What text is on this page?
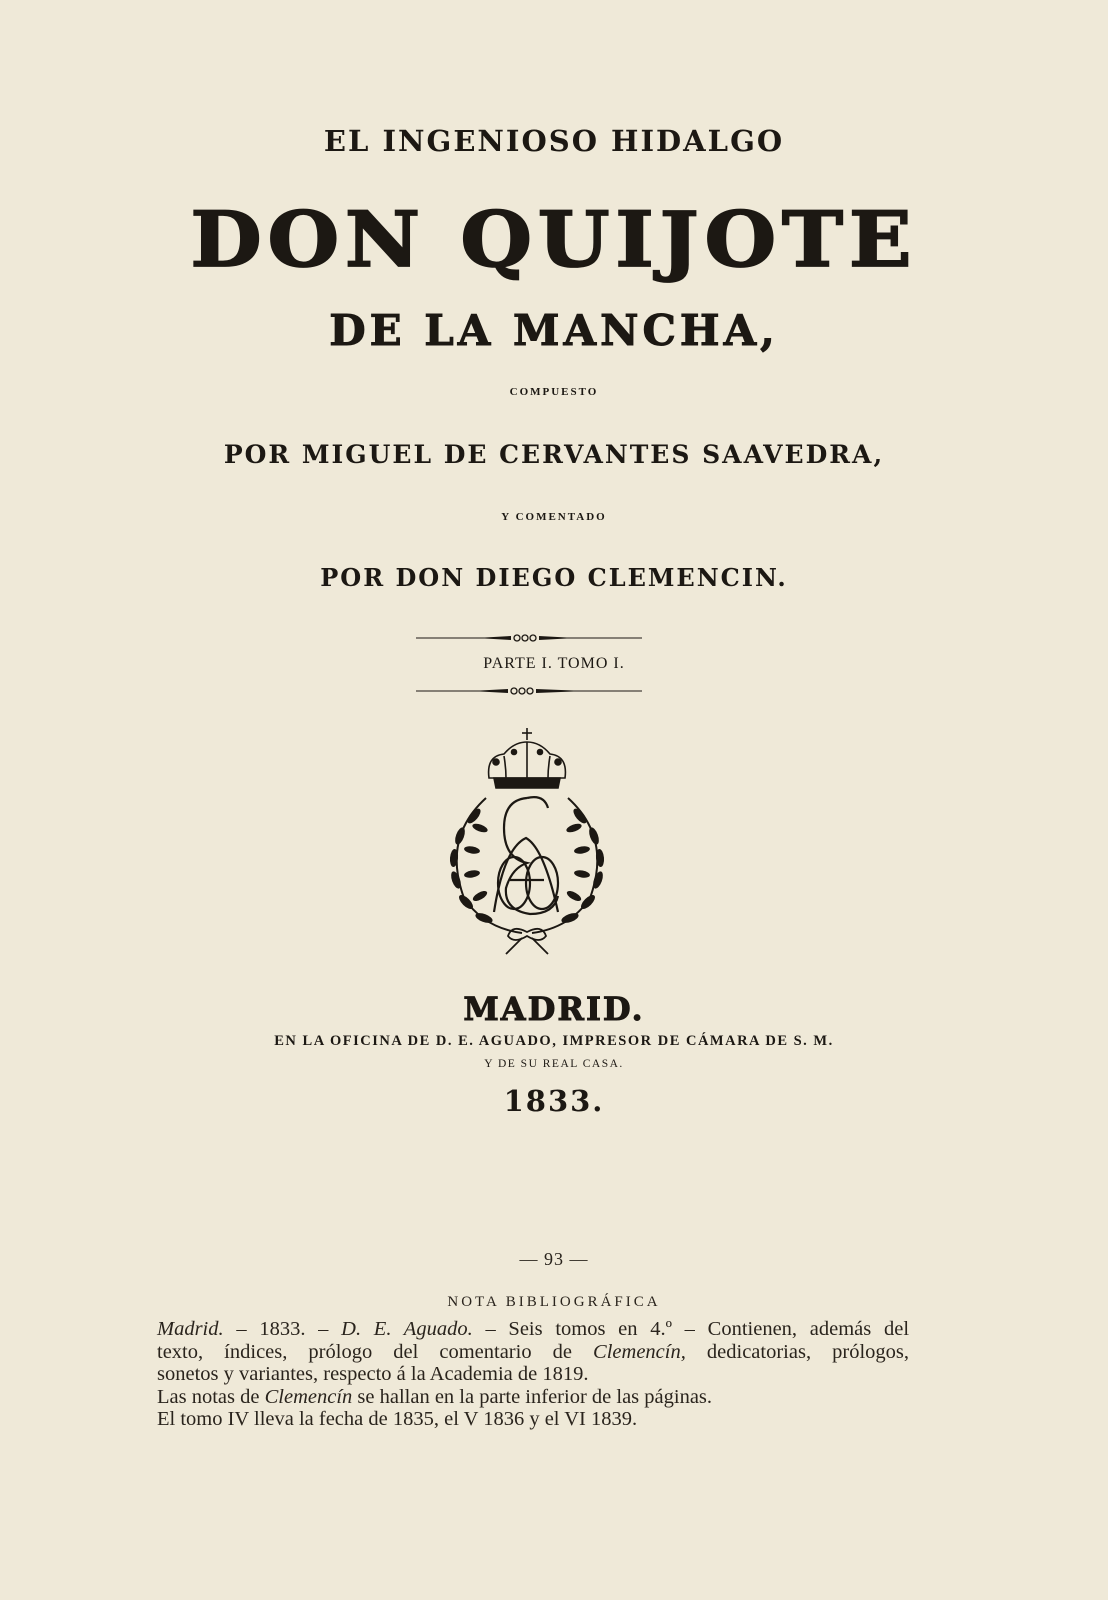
EL INGENIOSO HIDALGO
DON QUIJOTE
DE LA MANCHA,
COMPUESTO
POR MIGUEL DE CERVANTES SAAVEDRA,
Y COMENTADO
POR DON DIEGO CLEMENCIN.
PARTE I. TOMO I.
MADRID.
EN LA OFICINA DE D. E. AGUADO, IMPRESOR DE CÁMARA DE S. M.
Y DE SU REAL CASA.
1833.
— 93 —
NOTA BIBLIOGRÁFICA

Madrid. – 1833. – D. E. Aguado. – Seis tomos en 4.º – Contienen, además del

texto, índices, prólogo del comentario de Clemencín, dedicatorias, prólogos,

sonetos y variantes, respecto á la Academia de 1819.

Las notas de Clemencín se hallan en la parte inferior de las páginas.

El tomo IV lleva la fecha de 1835, el V 1836 y el VI 1839.
